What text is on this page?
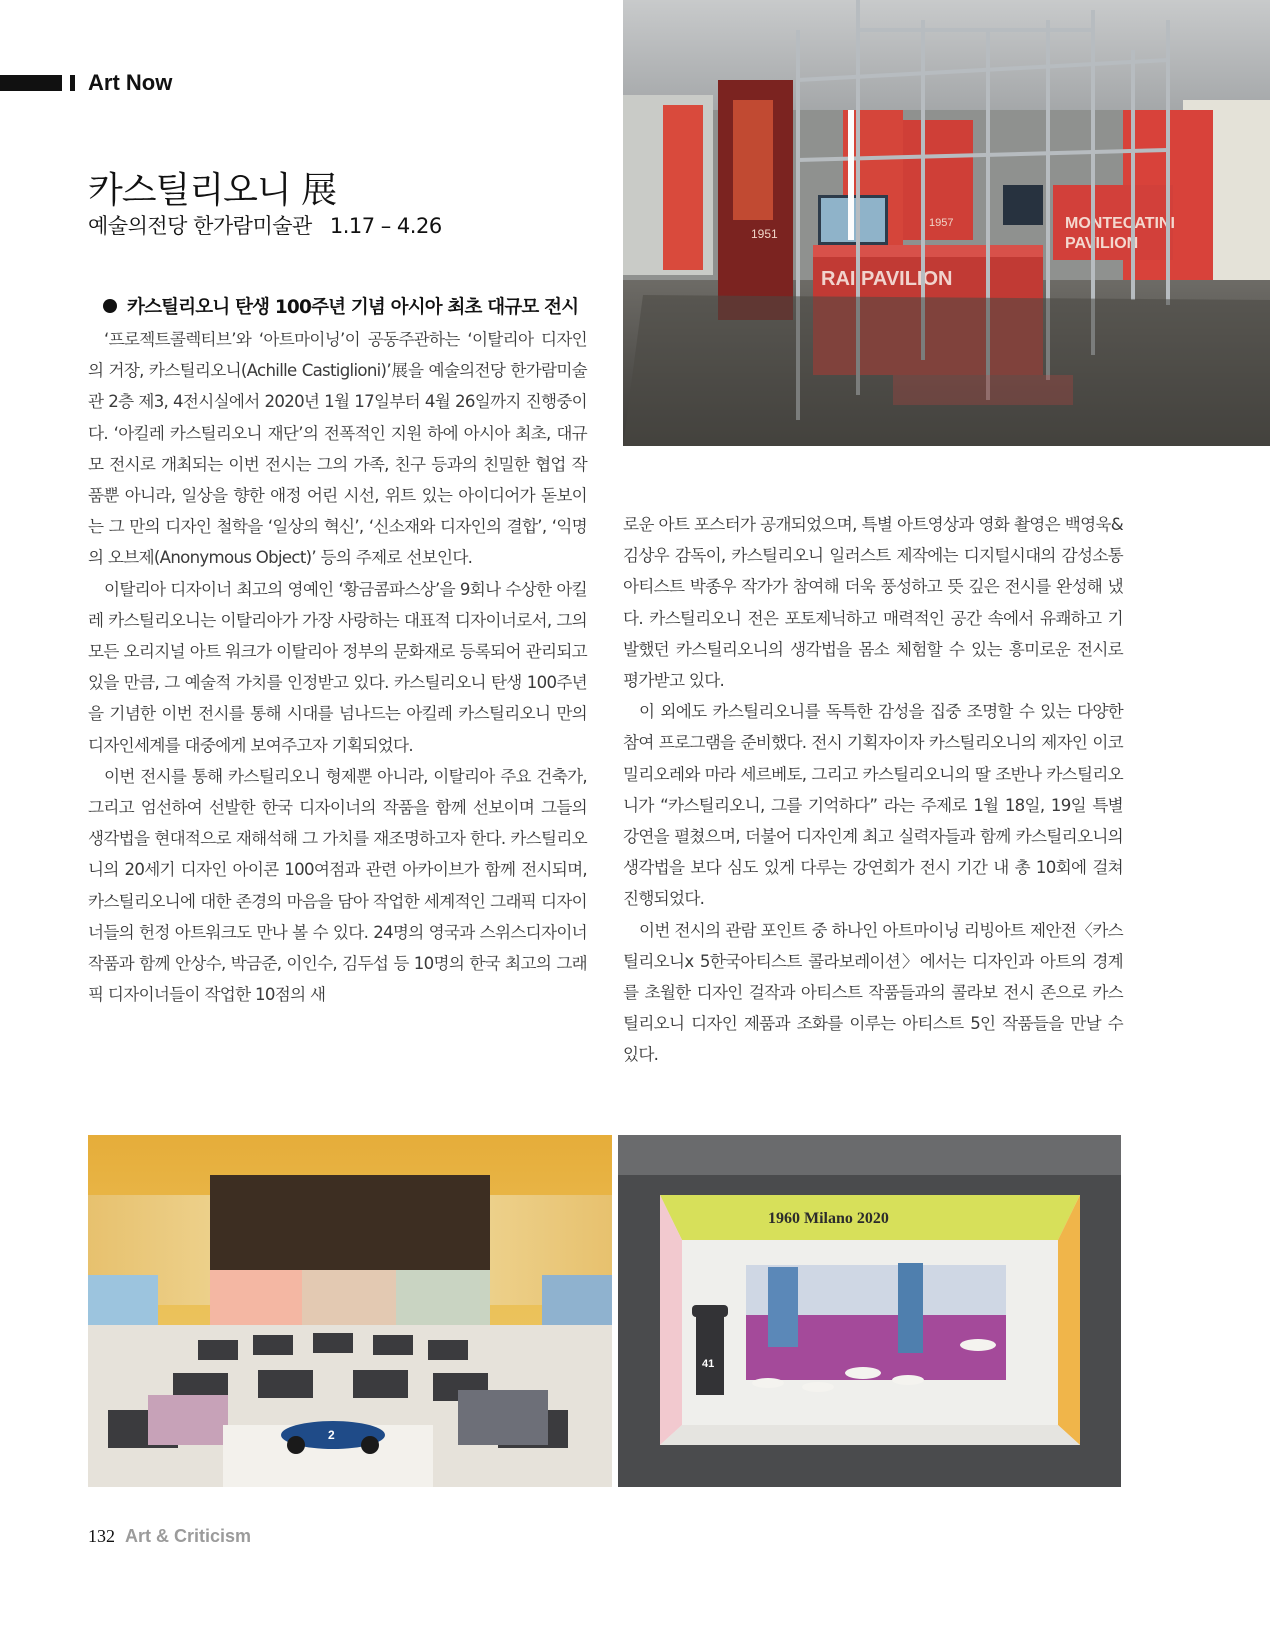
Art Now
카스틸리오니 展
예술의전당 한가람미술관 1.17 – 4.26
카스틸리오니 탄생 100주년 기념 아시아 최초 대규모 전시

‘프로젝트콜렉티브’와 ‘아트마이닝’이 공동주관하는 ‘이탈리아 디자인의 거장, 카스틸리오니(Achille Castiglioni)’展을 예술의전당 한가람미술관 2층 제3, 4전시실에서 2020년 1월 17일부터 4월 26일까지 진행중이다. ‘아킬레 카스틸리오니 재단’의 전폭적인 지원 하에 아시아 최초, 대규모 전시로 개최되는 이번 전시는 그의 가족, 친구 등과의 친밀한 협업 작품뿐 아니라, 일상을 향한 애정 어린 시선, 위트 있는 아이디어가 돋보이는 그 만의 디자인 철학을 ‘일상의 혁신’, ‘신소재와 디자인의 결합’, ‘익명의 오브제(Anonymous Object)’ 등의 주제로 선보인다.

이탈리아 디자이너 최고의 영예인 ‘황금콤파스상’을 9회나 수상한 아킬레 카스틸리오니는 이탈리아가 가장 사랑하는 대표적 디자이너로서, 그의 모든 오리지널 아트 워크가 이탈리아 정부의 문화재로 등록되어 관리되고 있을 만큼, 그 예술적 가치를 인정받고 있다. 카스틸리오니 탄생 100주년을 기념한 이번 전시를 통해 시대를 넘나드는 아킬레 카스틸리오니 만의 디자인세계를 대중에게 보여주고자 기획되었다.

이번 전시를 통해 카스틸리오니 형제뿐 아니라, 이탈리아 주요 건축가, 그리고 엄선하여 선발한 한국 디자이너의 작품을 함께 선보이며 그들의 생각법을 현대적으로 재해석해 그 가치를 재조명하고자 한다. 카스틸리오니의 20세기 디자인 아이콘 100여점과 관련 아카이브가 함께 전시되며, 카스틸리오니에 대한 존경의 마음을 담아 작업한 세계적인 그래픽 디자이너들의 헌정 아트워크도 만나 볼 수 있다. 24명의 영국과 스위스디자이너 작품과 함께 안상수, 박금준, 이인수, 김두섭 등 10명의 한국 최고의 그래픽 디자이너들이 작업한 10점의 새

로운 아트 포스터가 공개되었으며, 특별 아트영상과 영화 촬영은 백영욱& 김상우 감독이, 카스틸리오니 일러스트 제작에는 디지털시대의 감성소통 아티스트 박종우 작가가 참여해 더욱 풍성하고 뜻 깊은 전시를 완성해 냈다. 카스틸리오니 전은 포토제닉하고 매력적인 공간 속에서 유쾌하고 기발했던 카스틸리오니의 생각법을 몸소 체험할 수 있는 흥미로운 전시로 평가받고 있다.

이 외에도 카스틸리오니를 독특한 감성을 집중 조명할 수 있는 다양한 참여 프로그램을 준비했다. 전시 기획자이자 카스틸리오니의 제자인 이코 밀리오레와 마라 세르베토, 그리고 카스틸리오니의 딸 조반나 카스틸리오니가 “카스틸리오니, 그를 기억하다” 라는 주제로 1월 18일, 19일 특별 강연을 펼쳤으며, 더불어 디자인계 최고 실력자들과 함께 카스틸리오니의 생각법을 보다 심도 있게 다루는 강연회가 전시 기간 내 총 10회에 걸쳐 진행되었다.

이번 전시의 관람 포인트 중 하나인 아트마이닝 리빙아트 제안전〈카스틸리오니x 5한국아티스트 콜라보레이션〉에서는 디자인과 아트의 경계를 초월한 디자인 걸작과 아티스트 작품들과의 콜라보 전시 존으로 카스틸리오니 디자인 제품과 조화를 이루는 아티스트 5인 작품들을 만날 수 있다.

MONTECATINI
PAVILION
RAI PAVILION
1951
1957
2
1960 Milano 2020
41
132 Art & Criticism
